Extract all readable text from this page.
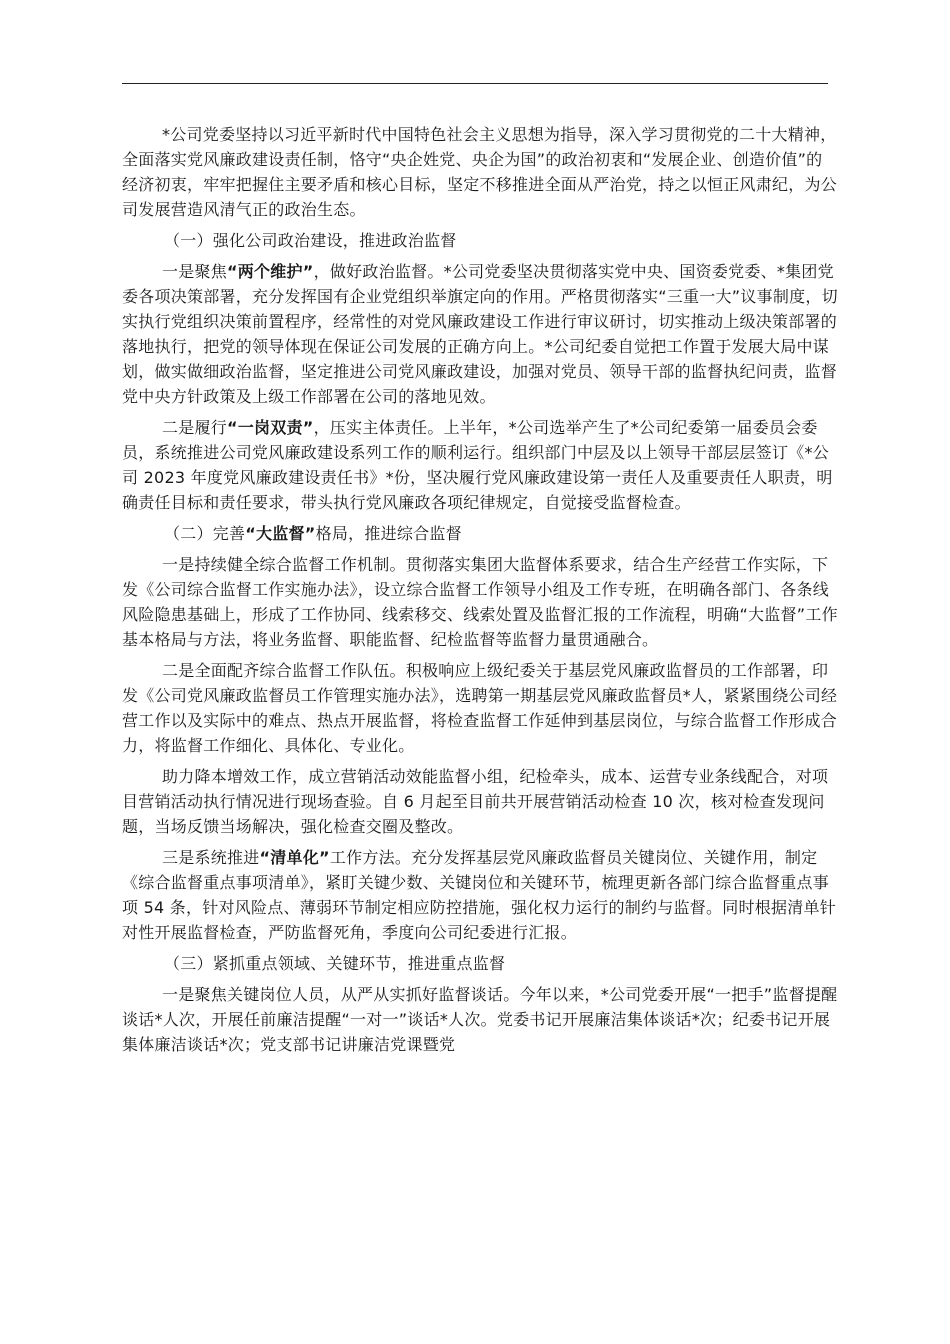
*公司党委坚持以习近平新时代中国特色社会主义思想为指导，深入学习贯彻党的二十大精神，全面落实党风廉政建设责任制，恪守“央企姓党、央企为国”的政治初衷和“发展企业、创造价值”的经济初衷，牢牢把握住主要矛盾和核心目标，坚定不移推进全面从严治党，持之以恒正风肃纪，为公司发展营造风清气正的政治生态。

（一）强化公司政治建设，推进政治监督

一是聚焦“两个维护”，做好政治监督。*公司党委坚决贯彻落实党中央、国资委党委、*集团党委各项决策部署，充分发挥国有企业党组织举旗定向的作用。严格贯彻落实“三重一大”议事制度，切实执行党组织决策前置程序，经常性的对党风廉政建设工作进行审议研讨，切实推动上级决策部署的落地执行，把党的领导体现在保证公司发展的正确方向上。*公司纪委自觉把工作置于发展大局中谋划，做实做细政治监督，坚定推进公司党风廉政建设，加强对党员、领导干部的监督执纪问责，监督党中央方针政策及上级工作部署在公司的落地见效。

二是履行“一岗双责”，压实主体责任。上半年，*公司选举产生了*公司纪委第一届委员会委员，系统推进公司党风廉政建设系列工作的顺利运行。组织部门中层及以上领导干部层层签订《*公司 2023 年度党风廉政建设责任书》*份，坚决履行党风廉政建设第一责任人及重要责任人职责，明确责任目标和责任要求，带头执行党风廉政各项纪律规定，自觉接受监督检查。

（二）完善“大监督”格局，推进综合监督

一是持续健全综合监督工作机制。贯彻落实集团大监督体系要求，结合生产经营工作实际，下发《公司综合监督工作实施办法》，设立综合监督工作领导小组及工作专班，在明确各部门、各条线风险隐患基础上，形成了工作协同、线索移交、线索处置及监督汇报的工作流程，明确“大监督”工作基本格局与方法，将业务监督、职能监督、纪检监督等监督力量贯通融合。

二是全面配齐综合监督工作队伍。积极响应上级纪委关于基层党风廉政监督员的工作部署，印发《公司党风廉政监督员工作管理实施办法》，选聘第一期基层党风廉政监督员*人，紧紧围绕公司经营工作以及实际中的难点、热点开展监督，将检查监督工作延伸到基层岗位，与综合监督工作形成合力，将监督工作细化、具体化、专业化。

助力降本增效工作，成立营销活动效能监督小组，纪检牵头，成本、运营专业条线配合，对项目营销活动执行情况进行现场查验。自 6 月起至目前共开展营销活动检查 10 次，核对检查发现问题，当场反馈当场解决，强化检查交圈及整改。

三是系统推进“清单化”工作方法。充分发挥基层党风廉政监督员关键岗位、关键作用，制定《综合监督重点事项清单》，紧盯关键少数、关键岗位和关键环节，梳理更新各部门综合监督重点事项 54 条，针对风险点、薄弱环节制定相应防控措施，强化权力运行的制约与监督。同时根据清单针对性开展监督检查，严防监督死角，季度向公司纪委进行汇报。

（三）紧抓重点领域、关键环节，推进重点监督

一是聚焦关键岗位人员，从严从实抓好监督谈话。今年以来，*公司党委开展“一把手”监督提醒谈话*人次，开展任前廉洁提醒“一对一”谈话*人次。党委书记开展廉洁集体谈话*次；纪委书记开展集体廉洁谈话*次；党支部书记讲廉洁党课暨党
